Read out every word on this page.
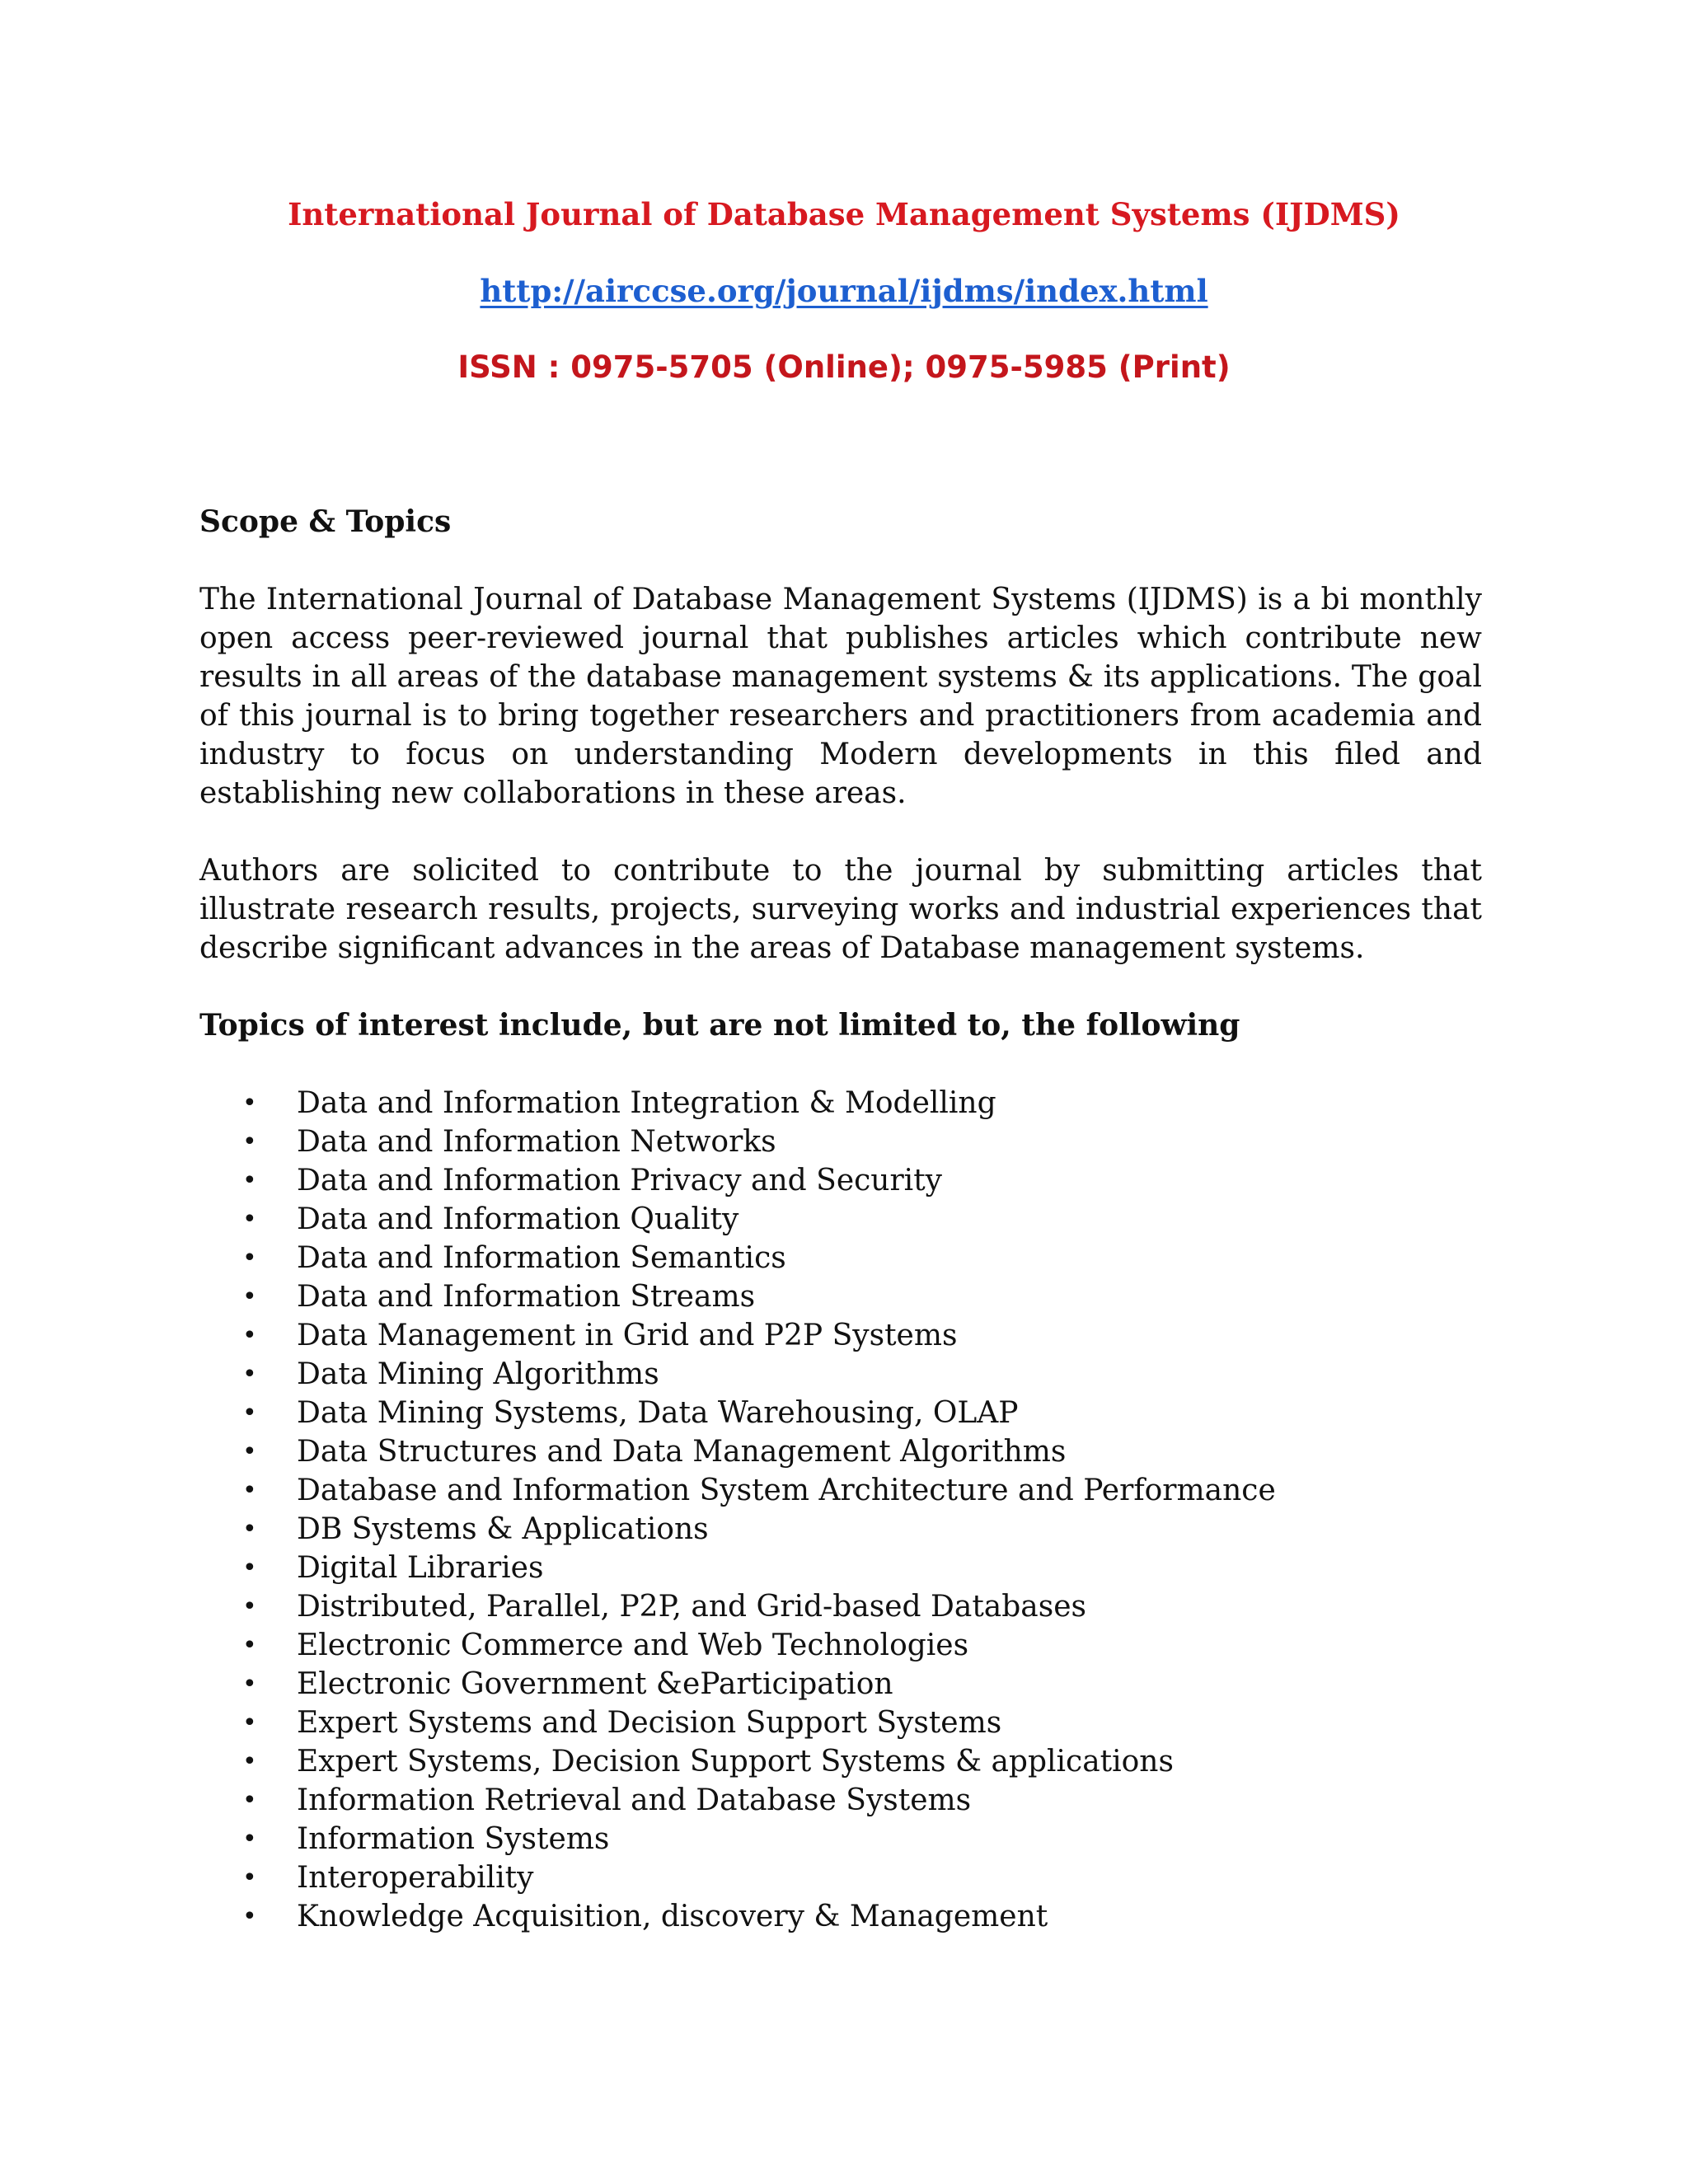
International Journal of Database Management Systems (IJDMS)
http://airccse.org/journal/ijdms/index.html
ISSN : 0975-5705 (Online); 0975-5985 (Print)
Scope & Topics

The International Journal of Database Management Systems (IJDMS) is a bi monthly open access peer-reviewed journal that publishes articles which contribute new results in all areas of the database management systems & its applications. The goal of this journal is to bring together researchers and practitioners from academia and industry to focus on understanding Modern developments in this filed and establishing new collaborations in these areas.

Authors are solicited to contribute to the journal by submitting articles that illustrate research results, projects, surveying works and industrial experiences that describe significant advances in the areas of Database management systems.

Topics of interest include, but are not limited to, the following
• Data and Information Integration & Modelling
• Data and Information Networks
• Data and Information Privacy and Security
• Data and Information Quality
• Data and Information Semantics
• Data and Information Streams
• Data Management in Grid and P2P Systems
• Data Mining Algorithms
• Data Mining Systems, Data Warehousing, OLAP
• Data Structures and Data Management Algorithms
• Database and Information System Architecture and Performance
• DB Systems & Applications
• Digital Libraries
• Distributed, Parallel, P2P, and Grid-based Databases
• Electronic Commerce and Web Technologies
• Electronic Government &eParticipation
• Expert Systems and Decision Support Systems
• Expert Systems, Decision Support Systems & applications
• Information Retrieval and Database Systems
• Information Systems
• Interoperability
• Knowledge Acquisition, discovery & Management
